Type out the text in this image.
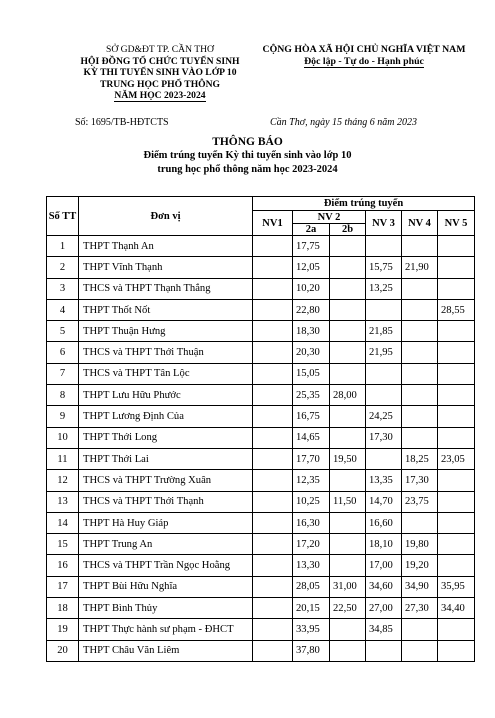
SỞ GD&ĐT TP. CẦN THƠ
HỘI ĐỒNG TỔ CHỨC TUYỂN SINH
KỲ THI TUYỂN SINH VÀO LỚP 10
TRUNG HỌC PHỔ THÔNG
NĂM HỌC 2023-2024
CỘNG HÒA XÃ HỘI CHỦ NGHĨA VIỆT NAM
Độc lập - Tự do - Hạnh phúc
Số: 1695/TB-HĐTCTS	Cần Thơ, ngày 15 tháng 6 năm 2023
THÔNG BÁO
Điểm trúng tuyển Kỳ thi tuyển sinh vào lớp 10
trung học phổ thông năm học 2023-2024
Số TT	Đơn vị	Điểm trúng tuyển					
		NV1	NV 2		NV 3	NV 4	NV 5
			2a	2b			
1	THPT Thạnh An		17,75				
2	THPT Vĩnh Thạnh		12,05		15,75	21,90	
3	THCS và THPT Thạnh Thắng		10,20		13,25		
4	THPT Thốt Nốt		22,80				28,55
5	THPT Thuận Hưng		18,30		21,85		
6	THCS và THPT Thới Thuận		20,30		21,95		
7	THCS và THPT Tân Lộc		15,05				
8	THPT Lưu Hữu Phước		25,35	28,00			
9	THPT Lương Định Của		16,75		24,25		
10	THPT Thới Long		14,65		17,30		
11	THPT Thới Lai		17,70	19,50		18,25	23,05
12	THCS và THPT Trường Xuân		12,35		13,35	17,30	
13	THCS và THPT Thới Thạnh		10,25	11,50	14,70	23,75	
14	THPT Hà Huy Giáp		16,30		16,60		
15	THPT Trung An		17,20		18,10	19,80	
16	THCS và THPT Trần Ngọc Hoằng		13,30		17,00	19,20	
17	THPT Bùi Hữu Nghĩa		28,05	31,00	34,60	34,90	35,95
18	THPT Bình Thủy		20,15	22,50	27,00	27,30	34,40
19	THPT Thực hành sư phạm - ĐHCT		33,95		34,85		
20	THPT Châu Văn Liêm		37,80				
